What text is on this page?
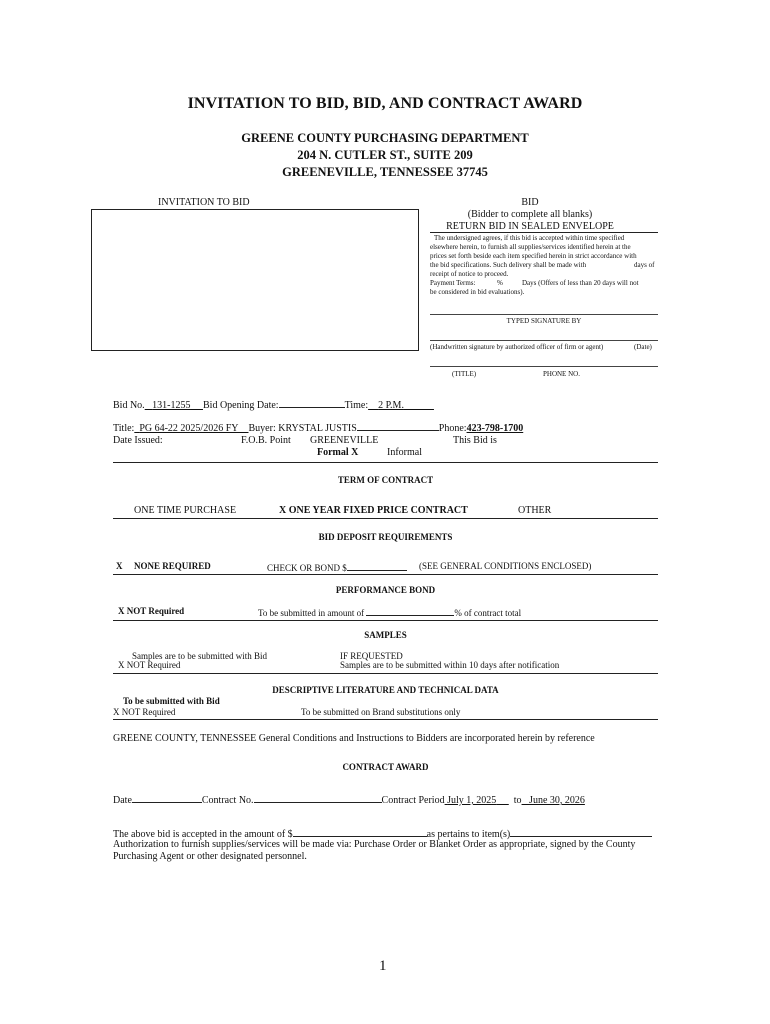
INVITATION TO BID, BID, AND CONTRACT AWARD
GREENE COUNTY PURCHASING DEPARTMENT
204 N. CUTLER ST., SUITE 209
GREENEVILLE, TENNESSEE 37745
INVITATION TO BID	BID
(Bidder to complete all blanks)
RETURN BID IN SEALED ENVELOPE
The undersigned agrees, if this bid is accepted within time specified
elsewhere herein, to furnish all supplies/services identified herein at the
prices set forth beside each item specified herein in strict accordance with
the bid specifications. Such delivery shall be made with	days of
receipt of notice to proceed.
Payment Terms:	%	Days (Offers of less than 20 days will not
be considered in bid evaluations).
TYPED SIGNATURE BY
(Handwritten signature by authorized officer of firm or agent)	(Date)
(TITLE)	PHONE NO.
Bid No. 131-1255 Bid Opening Date:	Time: 2 P.M.
Title: PG 64-22 2025/2026 FY Buyer: KRYSTAL JUSTIS	Phone:423-798-1700
Date Issued:	F.O.B. Point GREENEVILLE	This Bid is
Formal X	Informal
TERM OF CONTRACT
ONE TIME PURCHASE	X ONE YEAR FIXED PRICE CONTRACT	OTHER
BID DEPOSIT REQUIREMENTS
X NONE REQUIRED	CHECK OR BOND $	(SEE GENERAL CONDITIONS ENCLOSED)
PERFORMANCE BOND
X NOT Required	To be submitted in amount of	% of contract total
SAMPLES
Samples are to be submitted with Bid
X NOT Required
IF REQUESTED
Samples are to be submitted within 10 days after notification
DESCRIPTIVE LITERATURE AND TECHNICAL DATA
To be submitted with Bid
X NOT Required	To be submitted on Brand substitutions only
GREENE COUNTY, TENNESSEE General Conditions and Instructions to Bidders are incorporated herein by reference
CONTRACT AWARD
Date	Contract No.	Contract Period July 1, 2025 to June 30, 2026
The above bid is accepted in the amount of $	as pertains to item(s)
Authorization to furnish supplies/services will be made via: Purchase Order or Blanket Order as appropriate, signed by the County
Purchasing Agent or other designated personnel.
1
